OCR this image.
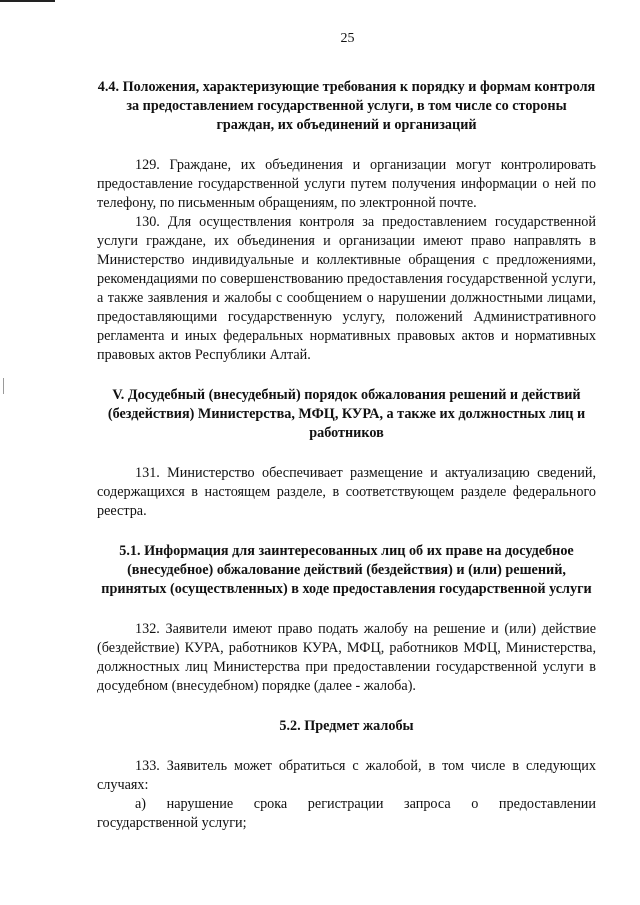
25

4.4. Положения, характеризующие требования к порядку и формам контроля за предоставлением государственной услуги, в том числе со стороны граждан, их объединений и организаций

129. Граждане, их объединения и организации могут контролировать предоставление государственной услуги путем получения информации о ней по телефону, по письменным обращениям, по электронной почте.

130. Для осуществления контроля за предоставлением государственной услуги граждане, их объединения и организации имеют право направлять в Министерство индивидуальные и коллективные обращения с предложениями, рекомендациями по совершенствованию предоставления государственной услуги, а также заявления и жалобы с сообщением о нарушении должностными лицами, предоставляющими государственную услугу, положений Административного регламента и иных федеральных нормативных правовых актов и нормативных правовых актов Республики Алтай.

V. Досудебный (внесудебный) порядок обжалования решений и действий (бездействия) Министерства, МФЦ, КУРА, а также их должностных лиц и работников

131. Министерство обеспечивает размещение и актуализацию сведений, содержащихся в настоящем разделе, в соответствующем разделе федерального реестра.

5.1. Информация для заинтересованных лиц об их праве на досудебное (внесудебное) обжалование действий (бездействия) и (или) решений, принятых (осуществленных) в ходе предоставления государственной услуги

132. Заявители имеют право подать жалобу на решение и (или) действие (бездействие) КУРА, работников КУРА, МФЦ, работников МФЦ, Министерства, должностных лиц Министерства при предоставлении государственной услуги в досудебном (внесудебном) порядке (далее - жалоба).

5.2. Предмет жалобы

133. Заявитель может обратиться с жалобой, в том числе в следующих случаях:

а) нарушение срока регистрации запроса о предоставлении государственной услуги;
